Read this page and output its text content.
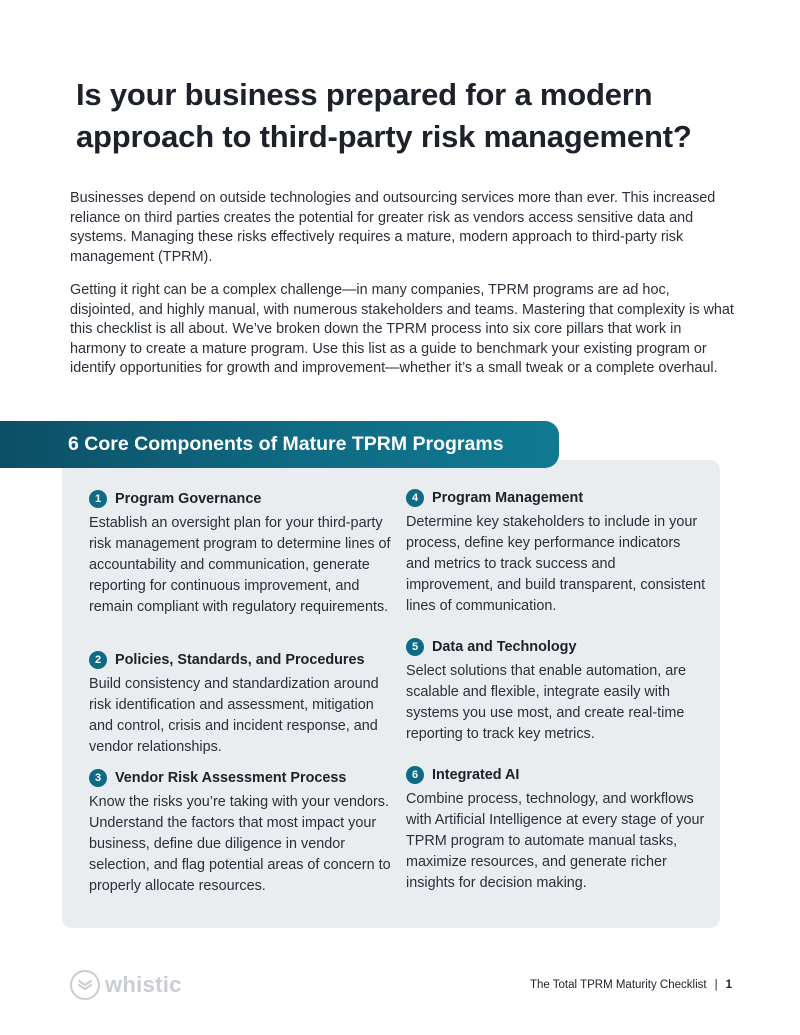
Is your business prepared for a modern approach to third-party risk management?

Businesses depend on outside technologies and outsourcing services more than ever. This increased reliance on third parties creates the potential for greater risk as vendors access sensitive data and systems. Managing these risks effectively requires a mature, modern approach to third-party risk management (TPRM).

Getting it right can be a complex challenge—in many companies, TPRM programs are ad hoc, disjointed, and highly manual, with numerous stakeholders and teams. Mastering that complexity is what this checklist is all about. We’ve broken down the TPRM process into six core pillars that work in harmony to create a mature program. Use this list as a guide to benchmark your existing program or identify opportunities for growth and improvement—whether it’s a small tweak or a complete overhaul.

6 Core Components of Mature TPRM Programs
1 Program Governance
Establish an oversight plan for your third-party risk management program to determine lines of accountability and communication, generate reporting for continuous improvement, and remain compliant with regulatory requirements.
2 Policies, Standards, and Procedures
Build consistency and standardization around risk identification and assessment, mitigation and control, crisis and incident response, and vendor relationships.
3 Vendor Risk Assessment Process
Know the risks you’re taking with your vendors. Understand the factors that most impact your business, define due diligence in vendor selection, and flag potential areas of concern to properly allocate resources.
4 Program Management
Determine key stakeholders to include in your process, define key performance indicators and metrics to track success and improvement, and build transparent, consistent lines of communication.
5 Data and Technology
Select solutions that enable automation, are scalable and flexible, integrate easily with systems you use most, and create real-time reporting to track key metrics.
6 Integrated AI
Combine process, technology, and workflows with Artificial Intelligence at every stage of your TPRM program to automate manual tasks, maximize resources, and generate richer insights for decision making.
whistic	The Total TPRM Maturity Checklist | 1
